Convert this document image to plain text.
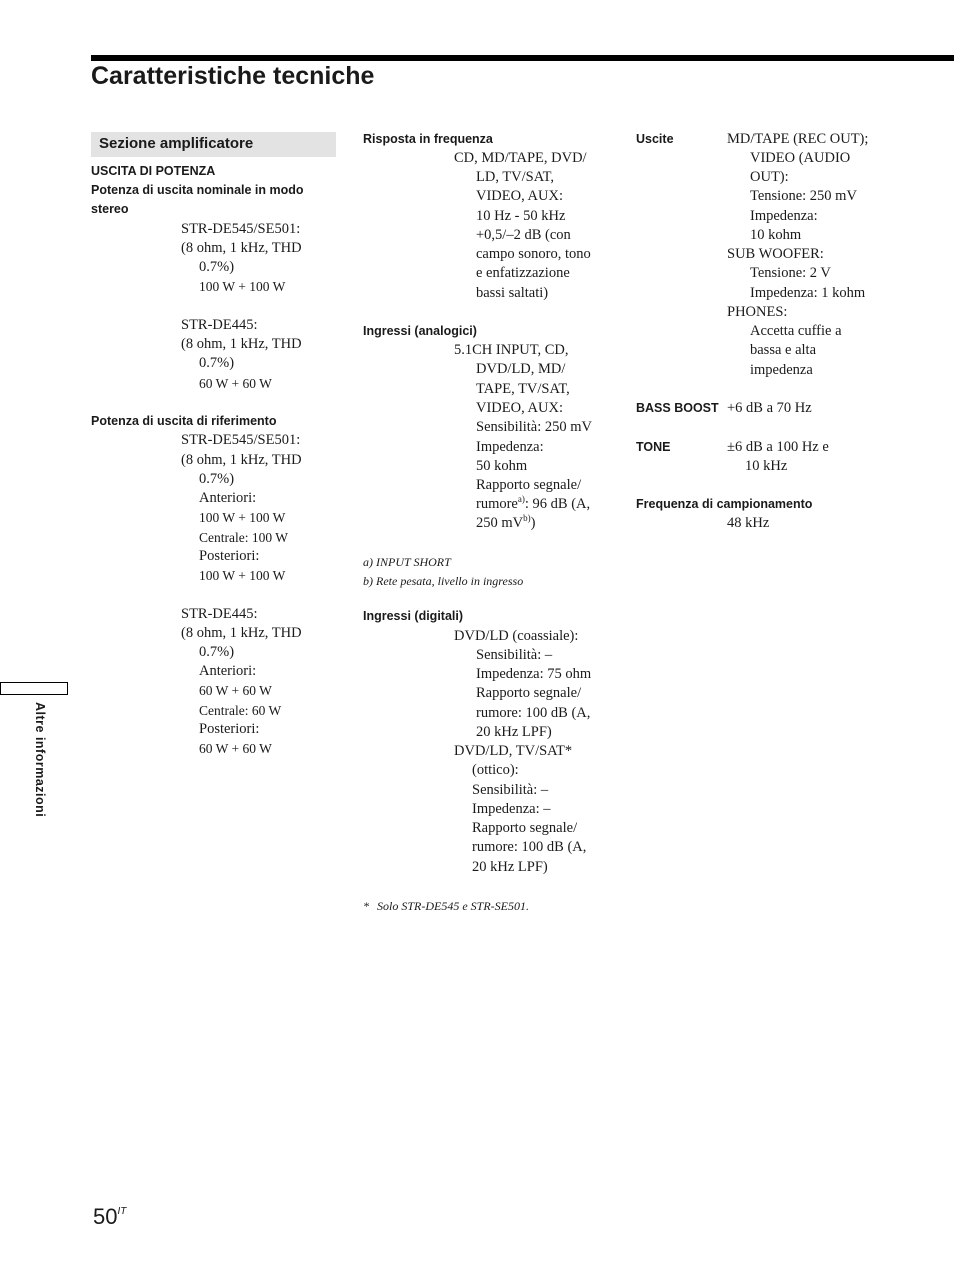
Caratteristiche tecniche
Sezione amplificatore
USCITA DI POTENZA
Potenza di uscita nominale in modo
stereo
STR-DE545/SE501:
(8 ohm, 1 kHz, THD
0.7%)
100 W + 100 W
STR-DE445:
(8 ohm, 1 kHz, THD
0.7%)
60 W + 60 W
Potenza di uscita di riferimento
STR-DE545/SE501:
(8 ohm, 1 kHz, THD
0.7%)
Anteriori:
100 W + 100 W
Centrale: 100 W
Posteriori:
100 W + 100 W
STR-DE445:
(8 ohm, 1 kHz, THD
0.7%)
Anteriori:
60 W + 60 W
Centrale: 60 W
Posteriori:
60 W + 60 W
Risposta in frequenza
CD, MD/TAPE, DVD/
LD, TV/SAT,
VIDEO, AUX:
10 Hz - 50 kHz
+0,5/–2 dB (con
campo sonoro, tono
e enfatizzazione
bassi saltati)
Ingressi (analogici)
5.1CH INPUT, CD,
DVD/LD, MD/
TAPE, TV/SAT,
VIDEO, AUX:
Sensibilità: 250 mV
Impedenza:
50 kohm
Rapporto segnale/
rumore$^{a)}$: 96 dB (A,
250 $mV^{b)}$)
a) INPUT SHORT
b) Rete pesata, livello in ingresso
Ingressi (digitali)
DVD/LD (coassiale):
Sensibilità: –
Impedenza: 75 ohm
Rapporto segnale/
rumore: 100 dB (A,
20 kHz LPF)
DVD/LD, TV/SAT*
(ottico):
Sensibilità: –
Impedenza: –
Rapporto segnale/
rumore: 100 dB (A,
20 kHz LPF)
* Solo STR-DE545 e STR-SE501.
Uscite	MD/TAPE (REC OUT);
VIDEO (AUDIO
OUT):
Tensione: 250 mV
Impedenza:
10 kohm
SUB WOOFER:
Tensione: 2 V
Impedenza: 1 kohm
PHONES:
Accetta cuffie a
bassa e alta
impedenza
BASS BOOST +6 dB a 70 Hz
TONE	±6 dB a 100 Hz e
10 kHz
Frequenza di campionamento
48 kHz
Altre informazioni
$50^{IT}$
